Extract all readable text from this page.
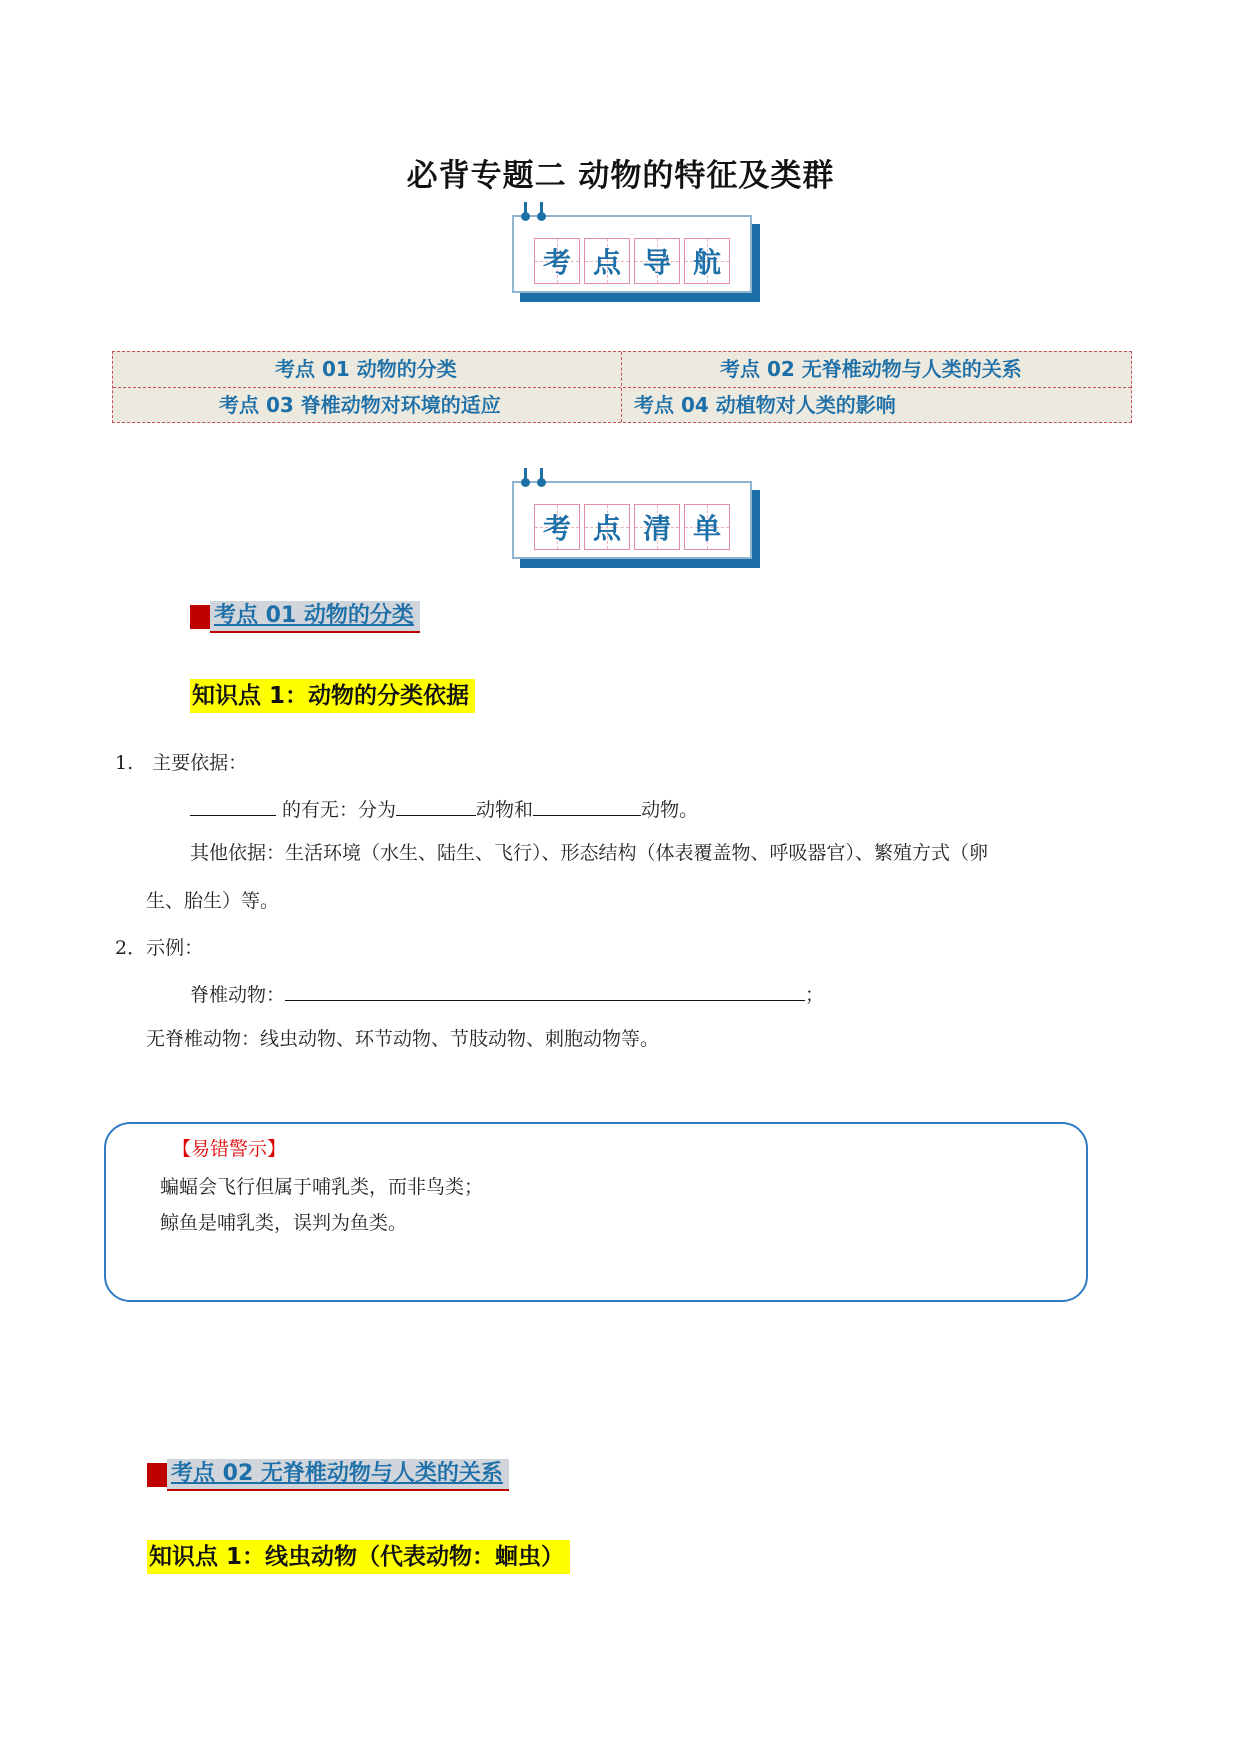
必背专题二 动物的特征及类群
考 点 导 航
考点 01 动物的分类	考点 02 无脊椎动物与人类的关系
考点 03 脊椎动物对环境的适应	考点 04 动植物对人类的影响
考 点 清 单
考点 01 动物的分类
知识点 1：动物的分类依据
1.　主要依据：
的有无：分为	动物和	动物。
其他依据：生活环境（水生、陆生、飞行）、形态结构（体表覆盖物、呼吸器官）、繁殖方式（卵
生、胎生）等。
2．示例：
脊椎动物：	；
无脊椎动物：线虫动物、环节动物、节肢动物、刺胞动物等。
【易错警示】
蝙蝠会飞行但属于哺乳类，而非鸟类；
鲸鱼是哺乳类，误判为鱼类。
考点 02 无脊椎动物与人类的关系
知识点 1：线虫动物（代表动物：蛔虫）
